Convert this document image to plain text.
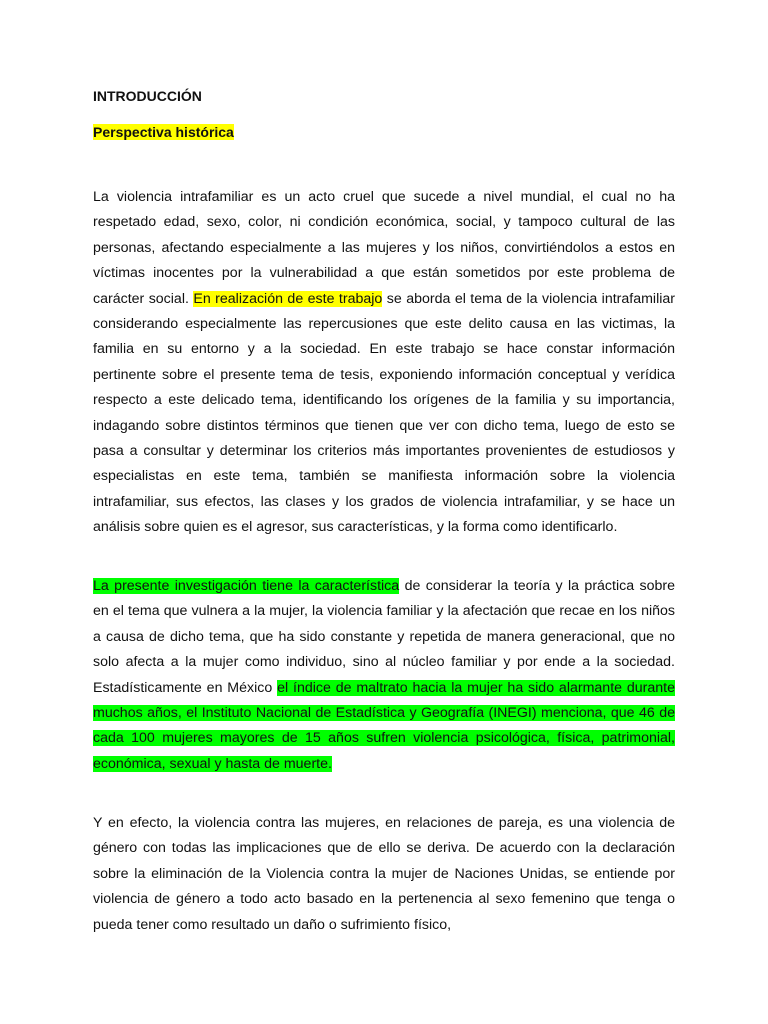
INTRODUCCIÓN
Perspectiva histórica

La violencia intrafamiliar es un acto cruel que sucede a nivel mundial, el cual no ha respetado edad, sexo, color, ni condición económica, social, y tampoco cultural de las personas, afectando especialmente a las mujeres y los niños, convirtiéndolos a estos en víctimas inocentes por la vulnerabilidad a que están sometidos por este problema de carácter social. En realización de este trabajo se aborda el tema de la violencia intrafamiliar considerando especialmente las repercusiones que este delito causa en las victimas, la familia en su entorno y a la sociedad. En este trabajo se hace constar información pertinente sobre el presente tema de tesis, exponiendo información conceptual y verídica respecto a este delicado tema, identificando los orígenes de la familia y su importancia, indagando sobre distintos términos que tienen que ver con dicho tema, luego de esto se pasa a consultar y determinar los criterios más importantes provenientes de estudiosos y especialistas en este tema, también se manifiesta información sobre la violencia intrafamiliar, sus efectos, las clases y los grados de violencia intrafamiliar, y se hace un análisis sobre quien es el agresor, sus características, y la forma como identificarlo.

La presente investigación tiene la característica de considerar la teoría y la práctica sobre en el tema que vulnera a la mujer, la violencia familiar y la afectación que recae en los niños a causa de dicho tema, que ha sido constante y repetida de manera generacional, que no solo afecta a la mujer como individuo, sino al núcleo familiar y por ende a la sociedad. Estadísticamente en México el índice de maltrato hacia la mujer ha sido alarmante durante muchos años, el Instituto Nacional de Estadística y Geografía (INEGI) menciona, que 46 de cada 100 mujeres mayores de 15 años sufren violencia psicológica, física, patrimonial, económica, sexual y hasta de muerte.

Y en efecto, la violencia contra las mujeres, en relaciones de pareja, es una violencia de género con todas las implicaciones que de ello se deriva. De acuerdo con la declaración sobre la eliminación de la Violencia contra la mujer de Naciones Unidas, se entiende por violencia de género a todo acto basado en la pertenencia al sexo femenino que tenga o pueda tener como resultado un daño o sufrimiento físico,
